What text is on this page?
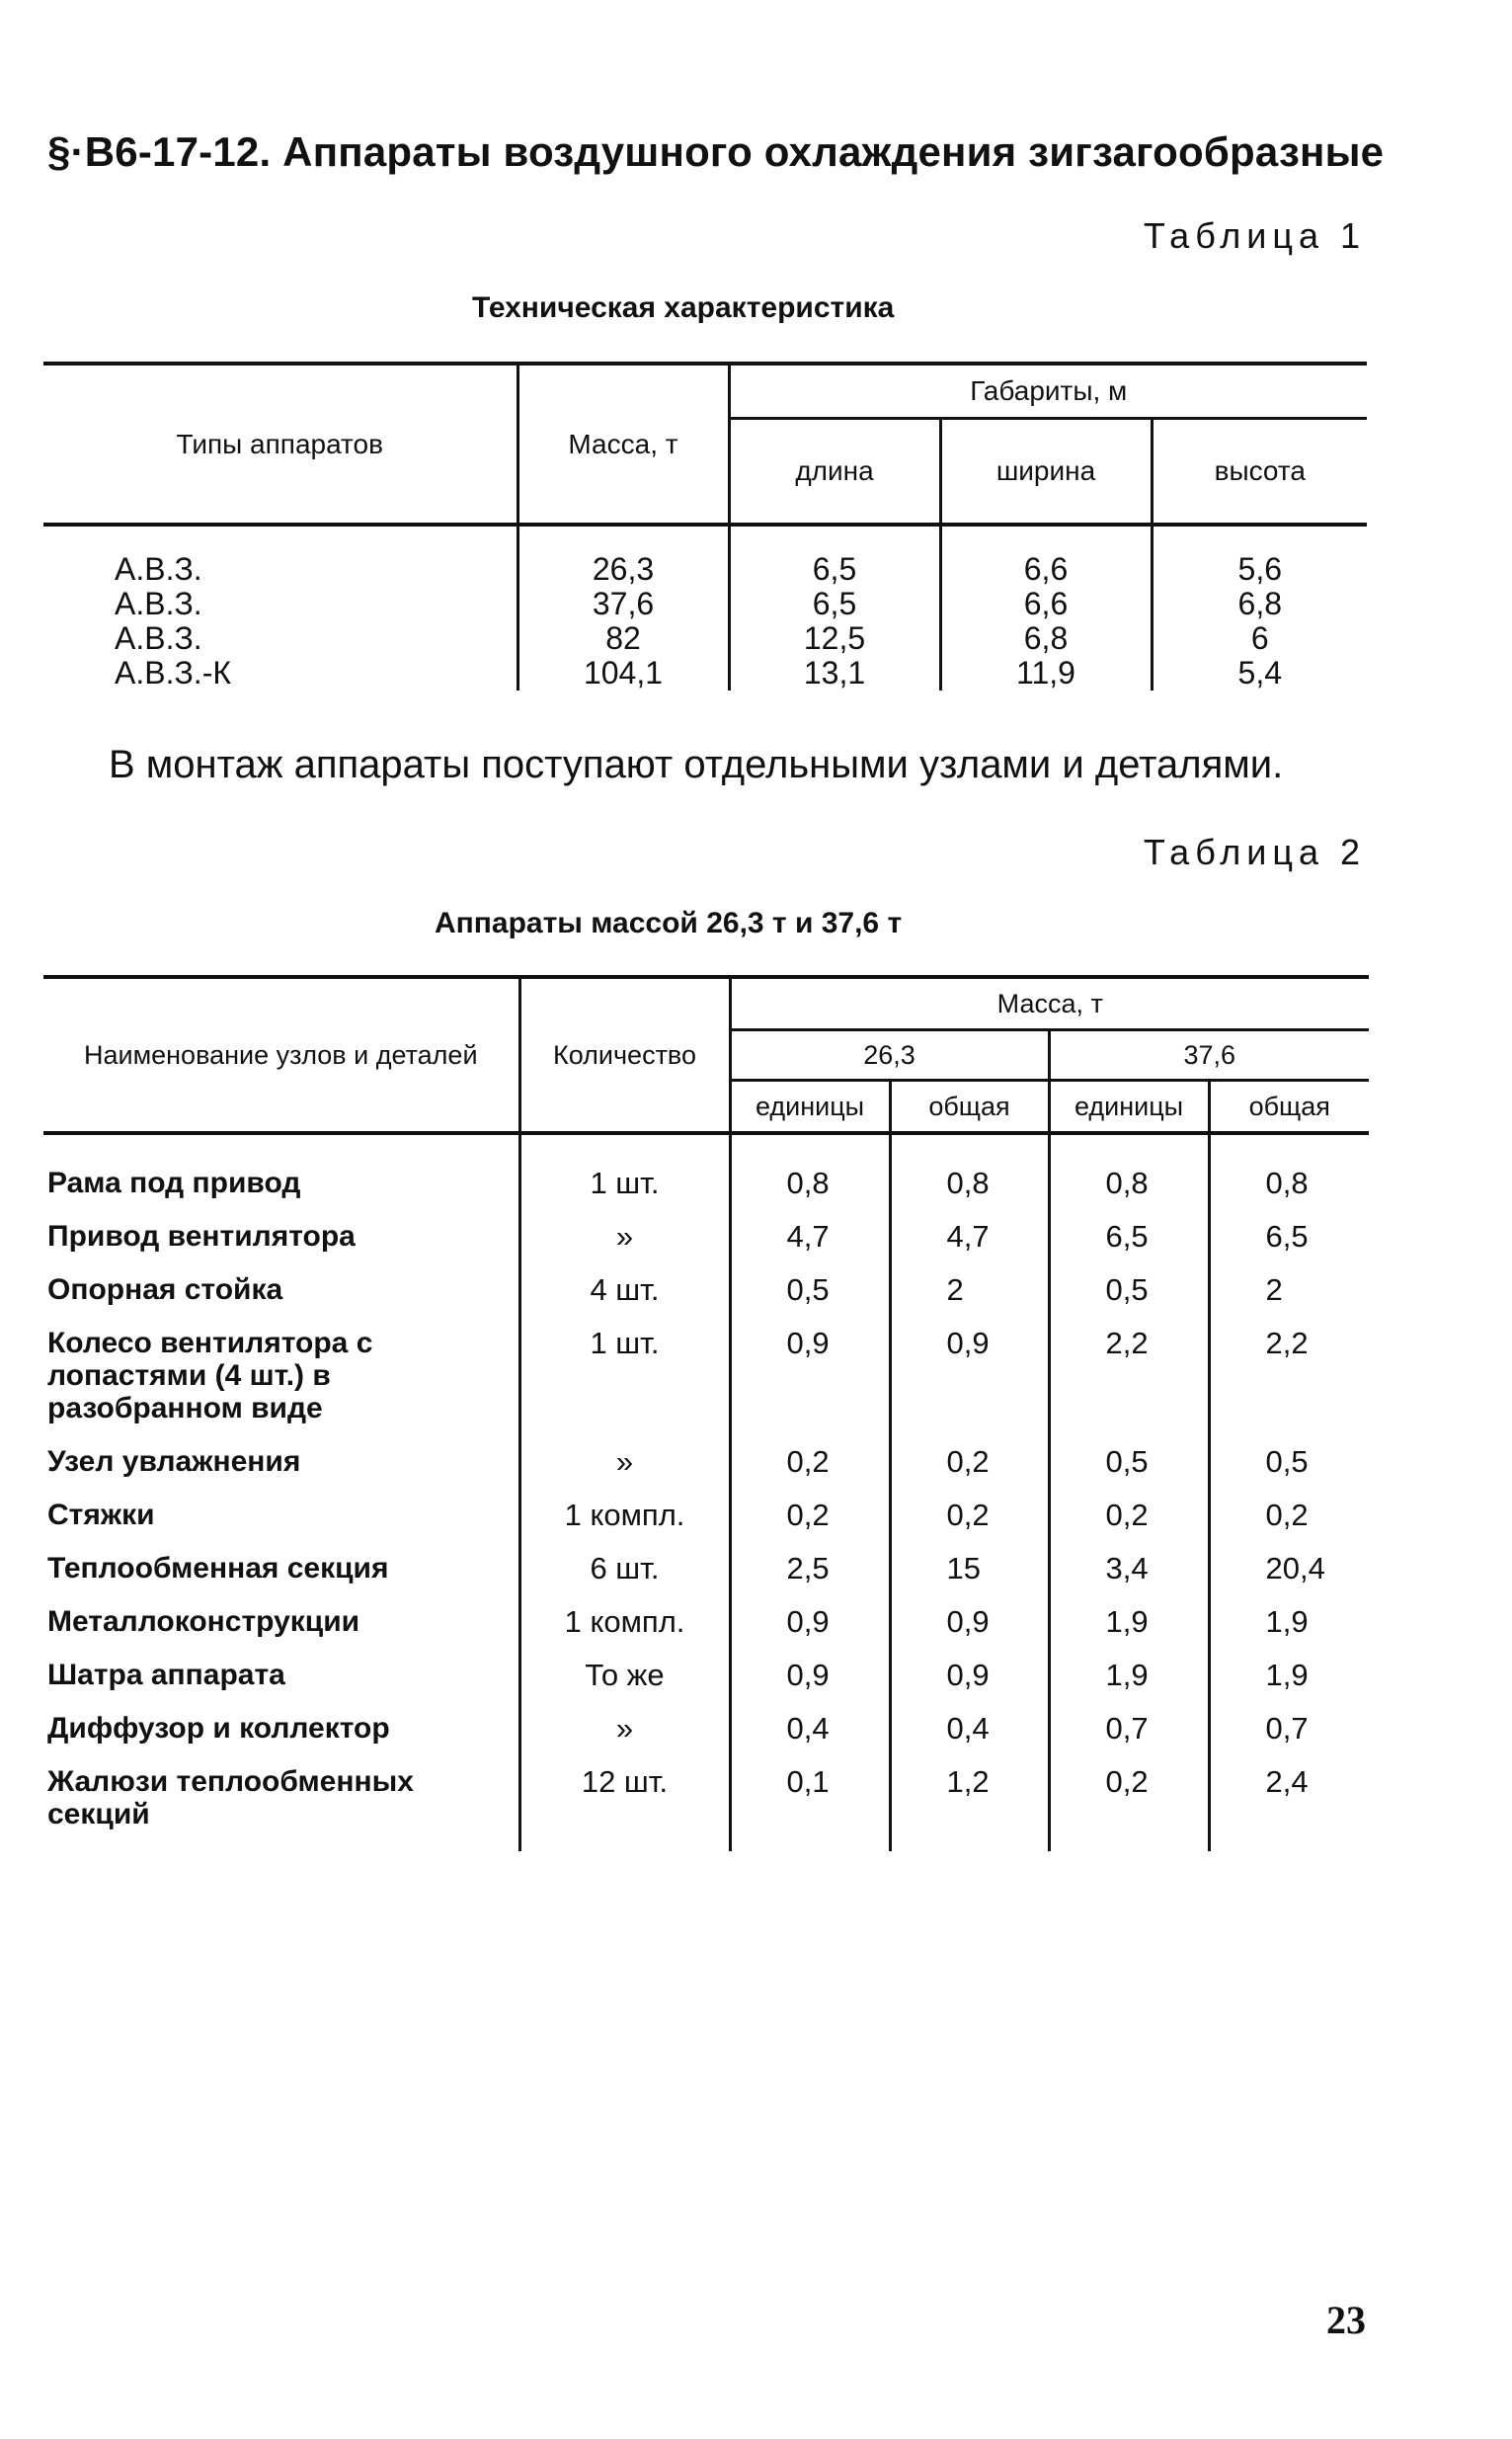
§·В6-17-12. Аппараты воздушного охлаждения зигзагообразные
Таблица 1
Техническая характеристика
Типы аппаратов	Масса, т	Габариты, м		
		длина	ширина	высота
А.В.З.	26,3	6,5	6,6	5,6
А.В.З.	37,6	6,5	6,6	6,8
А.В.З.	82	12,5	6,8	6
А.В.З.-К	104,1	13,1	11,9	5,4
В монтаж аппараты поступают отдельными узлами и деталями.
Таблица 2
Аппараты массой 26,3 т и 37,6 т
Наименование узлов и деталей	Количество	Масса, т			
		26,3		37,6	
		единицы	общая	единицы	общая
Рама под привод	1 шт.	0,8	0,8	0,8	0,8
Привод вентилятора	»	4,7	4,7	6,5	6,5
Опорная стойка	4 шт.	0,5	2	0,5	2
Колесо вентилятора с лопастями (4 шт.) в разобранном виде	1 шт.	0,9	0,9	2,2	2,2
Узел увлажнения	»	0,2	0,2	0,5	0,5
Стяжки	1 компл.	0,2	0,2	0,2	0,2
Теплообменная секция	6 шт.	2,5	15	3,4	20,4
Металлоконструкции	1 компл.	0,9	0,9	1,9	1,9
Шатра аппарата	То же	0,9	0,9	1,9	1,9
Диффузор и коллектор	»	0,4	0,4	0,7	0,7
Жалюзи теплообменных секций	12 шт.	0,1	1,2	0,2	2,4
23
